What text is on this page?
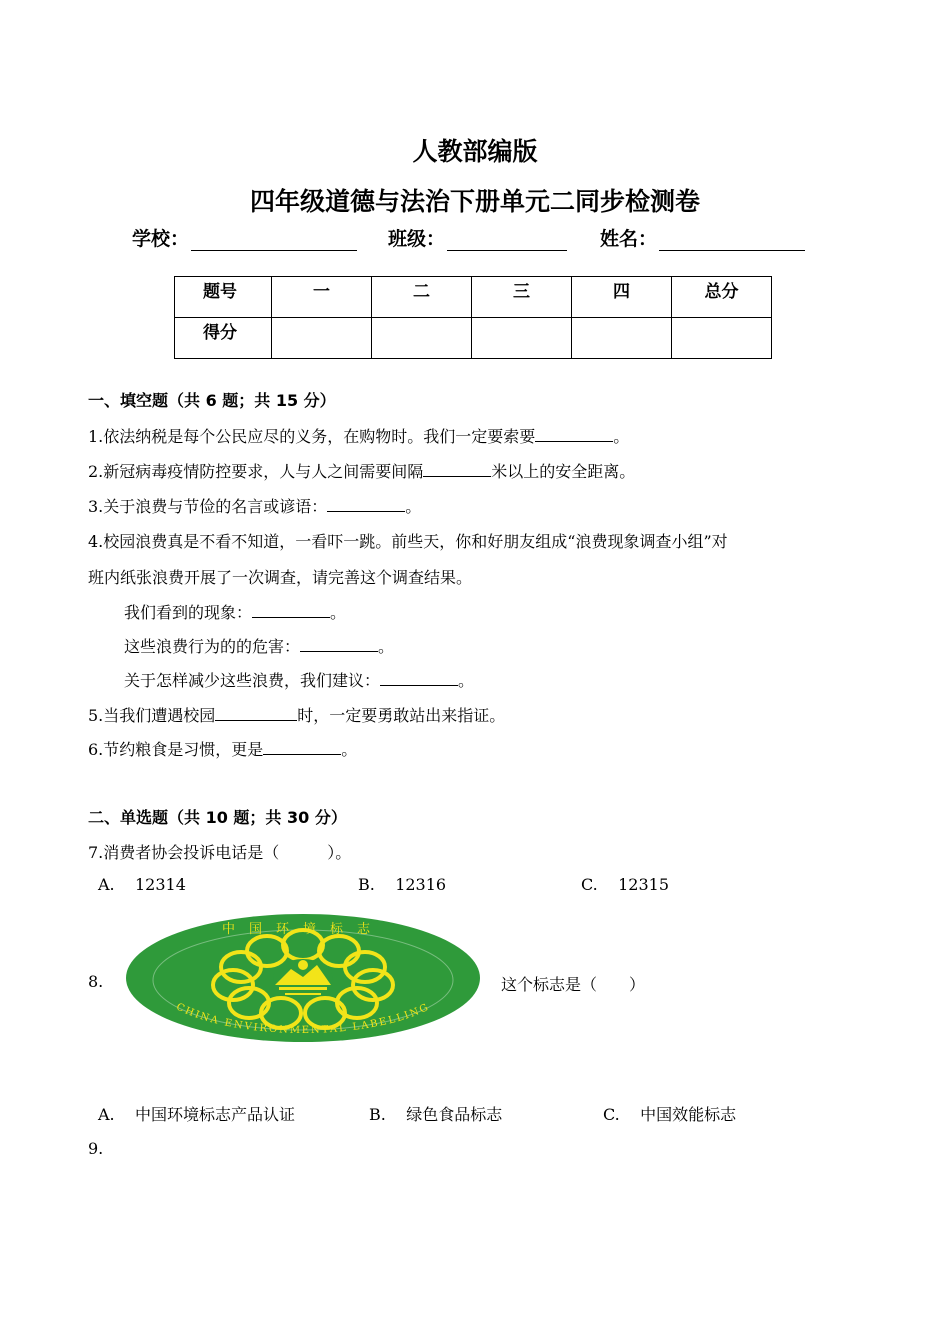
人教部编版
四年级道德与法治下册单元二同步检测卷
学校：	班级：	姓名：
题号	一	二	三	四	总分
得分					
一、填空题（共 6 题；共 15 分）
1.依法纳税是每个公民应尽的义务，在购物时。我们一定要索要	。
2.新冠病毒疫情防控要求，人与人之间需要间隔	米以上的安全距离。
3.关于浪费与节俭的名言或谚语：	。
4.校园浪费真是不看不知道，一看吓一跳。前些天，你和好朋友组成“浪费现象调查小组”对
班内纸张浪费开展了一次调查，请完善这个调查结果。
我们看到的现象：	。
这些浪费行为的的危害：	。
关于怎样减少这些浪费，我们建议：	。
5.当我们遭遇校园	时，一定要勇敢站出来指证。
6.节约粮食是习惯，更是	。
二、单选题（共 10 题；共 30 分）
7.消费者协会投诉电话是（　　　）。
A. 12314	B. 12316	C. 12315
8.
中国环境标志
CHINA ENVIRONMENTAL LABELLING
这个标志是（　　）
A. 中国环境标志产品认证	B. 绿色食品标志	C. 中国效能标志
9.
